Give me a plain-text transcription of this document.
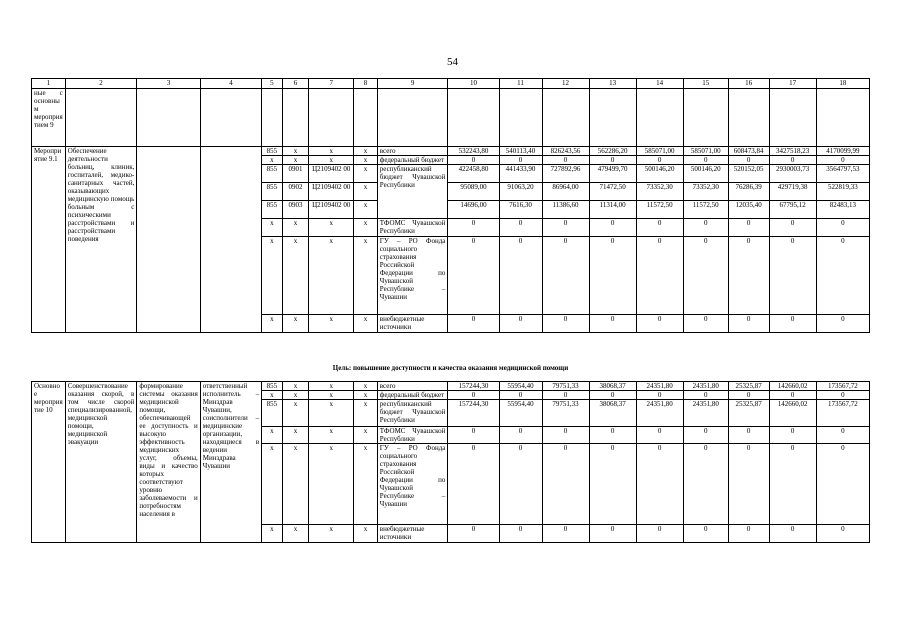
54
1	2	3	4	5	6	7	8	9	10	11	12	13	14	15	16	17	18
ные с основным мероприятием 9																	
Мероприятие 9.1	Обеспечение деятельности больниц, клиник, госпиталей, медико-санитарных частей, оказывающих медицинскую помощь больным с психическими расстройствами и расстройствами поведения			855	x	x	x	всего	532243,80	540113,40	826243,56	562286,20	585071,00	585071,00	608473,84	3427518,23	4170099,99
				x	x	x	x	федеральный бюджет	0	0	0	0	0	0	0	0	0
				855	0901	Ц2109402 00	x	республиканский бюджет Чувашской Республики	422458,80	441433,90	727892,96	479499,70	500146,20	500146,20	520152,05	2930003,73	3564797,53
				855	0902	Ц2109402 00	x		95089,00	91063,20	86964,00	71472,50	73352,30	73352,30	76286,39	429719,38	522819,33
				855	0903	Ц2109402 00	x		14696,00	7616,30	11386,60	11314,00	11572,50	11572,50	12035,40	67795,12	82483,13
				x	x	x	x	ТФОМС Чувашской Республики	0	0	0	0	0	0	0	0	0
				x	x	x	x	ГУ – РО Фонда социального страхования Российской Федерации по Чувашской Республике – Чувашии	0	0	0	0	0	0	0	0	0
				x	x	x	x	внебюджетные источники	0	0	0	0	0	0	0	0	0
Цель: повышение доступности и качества оказания медицинской помощи
Основное мероприятие 10	Совершенствование оказания скорой, в том числе скорой специализированной, медицинской помощи, медицинской эвакуации	формирование системы оказания медицинской помощи, обеспечивающей ее доступность и высокую эффективность медицинских услуг, объемы, виды и качество которых соответствуют уровню заболеваемости и потребностям населения в	ответственный исполнитель – Минздрав Чувашии, соисполнители – медицинские организации, находящиеся в ведении Минздрава Чувашии	855	x	x	x	всего	157244,30	55954,40	79751,33	38068,37	24351,80	24351,80	25325,87	142660,02	173567,72
				x	x	x	x	федеральный бюджет	0	0	0	0	0	0	0	0	0
				855	x	x	x	республиканский бюджет Чувашской Республики	157244,30	55954,40	79751,33	38068,37	24351,80	24351,80	25325,87	142660,02	173567,72
				x	x	x	x	ТФОМС Чувашской Республики	0	0	0	0	0	0	0	0	0
				x	x	x	x	ГУ – РО Фонда социального страхования Российской Федерации по Чувашской Республике – Чувашии	0	0	0	0	0	0	0	0	0
				x	x	x	x	внебюджетные источники	0	0	0	0	0	0	0	0	0
